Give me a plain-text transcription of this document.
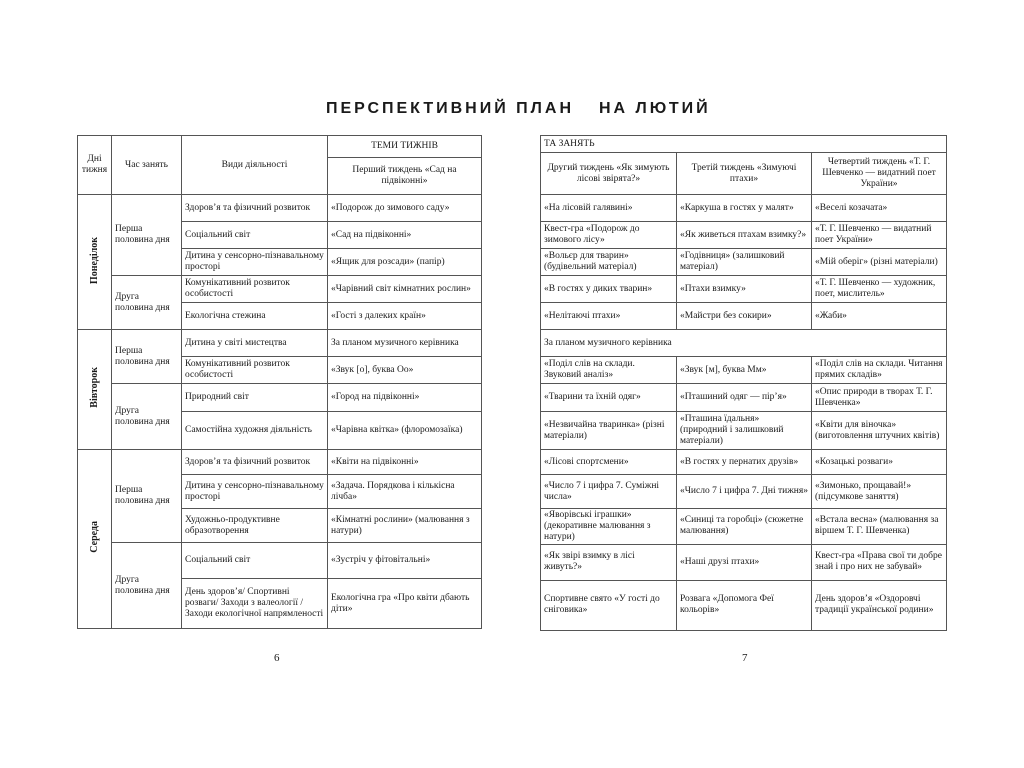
ПЕРСПЕКТИВНИЙ ПЛАН НА ЛЮТИЙ
Дні тижня	Час занять	Види діяльності	ТЕМИ ТИЖНІВ
			Перший тиждень «Сад на підвіконні»
Понеділок	Перша половина дня	Здоров’я та фізичний розвиток	«Подорож до зимового саду»
		Соціальний світ	«Сад на підвіконні»
		Дитина у сенсорно-пізнавальному просторі	«Ящик для розсади» (папір)
	Друга половина дня	Комунікативний розвиток особистості	«Чарівний світ кімнатних рослин»
		Екологічна стежина	«Гості з далеких країн»
Вівторок	Перша половина дня	Дитина у світі мистецтва	За планом музичного керівника
		Комунікативний розвиток особистості	«Звук [о], буква Оо»
	Друга половина дня	Природний світ	«Город на підвіконні»
		Самостійна художня діяльність	«Чарівна квітка» (флоромозаїка)
Середа	Перша половина дня	Здоров’я та фізичний розвиток	«Квіти на підвіконні»
		Дитина у сенсорно-пізнавальному просторі	«Задача. Порядкова і кількісна лічба»
		Художньо-продуктивне образотворення	«Кімнатні рослини» (малювання з натури)
	Друга половина дня	Соціальний світ	«Зустріч у фітовітальні»
		День здоров’я/ Спортивні розваги/ Заходи з валеології /Заходи екологічної напрямленості	Екологічна гра «Про квіти дбають діти»
6
ТА ЗАНЯТЬ		
Другий тиждень «Як зимують лісові звірята?»	Третій тиждень «Зимуючі птахи»	Четвертий тиждень «Т. Г. Шевченко — видатний поет України»
«На лісовій галявині»	«Каркуша в гостях у малят»	«Веселі козачата»
Квест-гра «Подорож до зимового лісу»	«Як живеться птахам взимку?»	«Т. Г. Шевченко — видатний поет України»
«Вольєр для тварин» (будівельний матеріал)	«Годівниця» (залишковий матеріал)	«Мій оберіг» (різні матеріали)
«В гостях у диких тварин»	«Птахи взимку»	«Т. Г. Шевченко — художник, поет, мислитель»
«Нелітаючі птахи»	«Майстри без сокири»	«Жаби»
За планом музичного керівника		
«Поділ слів на склади. Звуковий аналіз»	«Звук [м], буква Мм»	«Поділ слів на склади. Читання прямих складів»
«Тварини та їхній одяг»	«Пташиний одяг — пір’я»	«Опис природи в творах Т. Г. Шевченка»
«Незвичайна тваринка» (різні матеріали)	«Пташина їдальня» (природний і залишковий матеріали)	«Квіти для віночка» (виготовлення штучних квітів)
«Лісові спортсмени»	«В гостях у пернатих друзів»	«Козацькі розваги»
«Число 7 і цифра 7. Суміжні числа»	«Число 7 і цифра 7. Дні тижня»	«Зимонько, прощавай!» (підсумкове заняття)
«Яворівські іграшки» (декоративне малювання з натури)	«Синиці та горобці» (сюжетне малювання)	«Встала весна» (малювання за віршем Т. Г. Шевченка)
«Як звірі взимку в лісі живуть?»	«Наші друзі птахи»	Квест-гра «Права свої ти добре знай і про них не забувай»
Спортивне свято «У гості до сніговика»	Розвага «Допомога Феї кольорів»	День здоров’я «Оздоровчі традиції української родини»
7
